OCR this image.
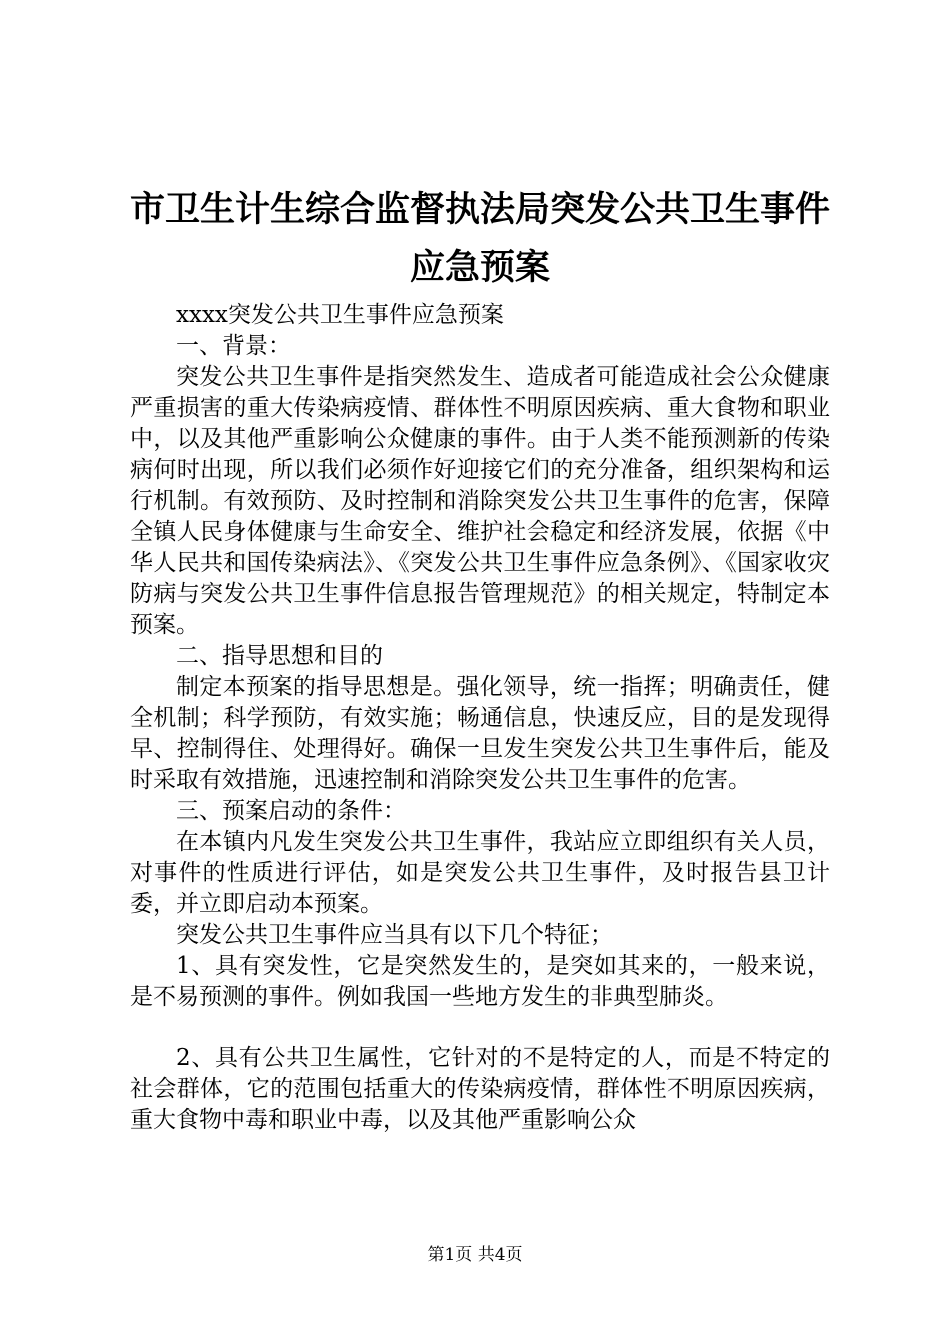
市卫生计生综合监督执法局突发公共卫生事件
应急预案

xxxx突发公共卫生事件应急预案

一、背景：

突发公共卫生事件是指突然发生、造成者可能造成社会公众健康严重损害的重大传染病疫情、群体性不明原因疾病、重大食物和职业中，以及其他严重影响公众健康的事件。由于人类不能预测新的传染病何时出现，所以我们必须作好迎接它们的充分准备，组织架构和运行机制。有效预防、及时控制和消除突发公共卫生事件的危害，保障全镇人民身体健康与生命安全、维护社会稳定和经济发展，依据《中华人民共和国传染病法》、《突发公共卫生事件应急条例》、《国家收灾防病与突发公共卫生事件信息报告管理规范》的相关规定，特制定本预案。

二、指导思想和目的

制定本预案的指导思想是。强化领导，统一指挥；明确责任，健全机制；科学预防，有效实施；畅通信息，快速反应，目的是发现得早、控制得住、处理得好。确保一旦发生突发公共卫生事件后，能及时采取有效措施，迅速控制和消除突发公共卫生事件的危害。

三、预案启动的条件：

在本镇内凡发生突发公共卫生事件，我站应立即组织有关人员，对事件的性质进行评估，如是突发公共卫生事件，及时报告县卫计委，并立即启动本预案。

突发公共卫生事件应当具有以下几个特征；

1、具有突发性，它是突然发生的，是突如其来的，一般来说，是不易预测的事件。例如我国一些地方发生的非典型肺炎。

2、具有公共卫生属性，它针对的不是特定的人，而是不特定的社会群体，它的范围包括重大的传染病疫情，群体性不明原因疾病，重大食物中毒和职业中毒，以及其他严重影响公众

第1页 共4页
